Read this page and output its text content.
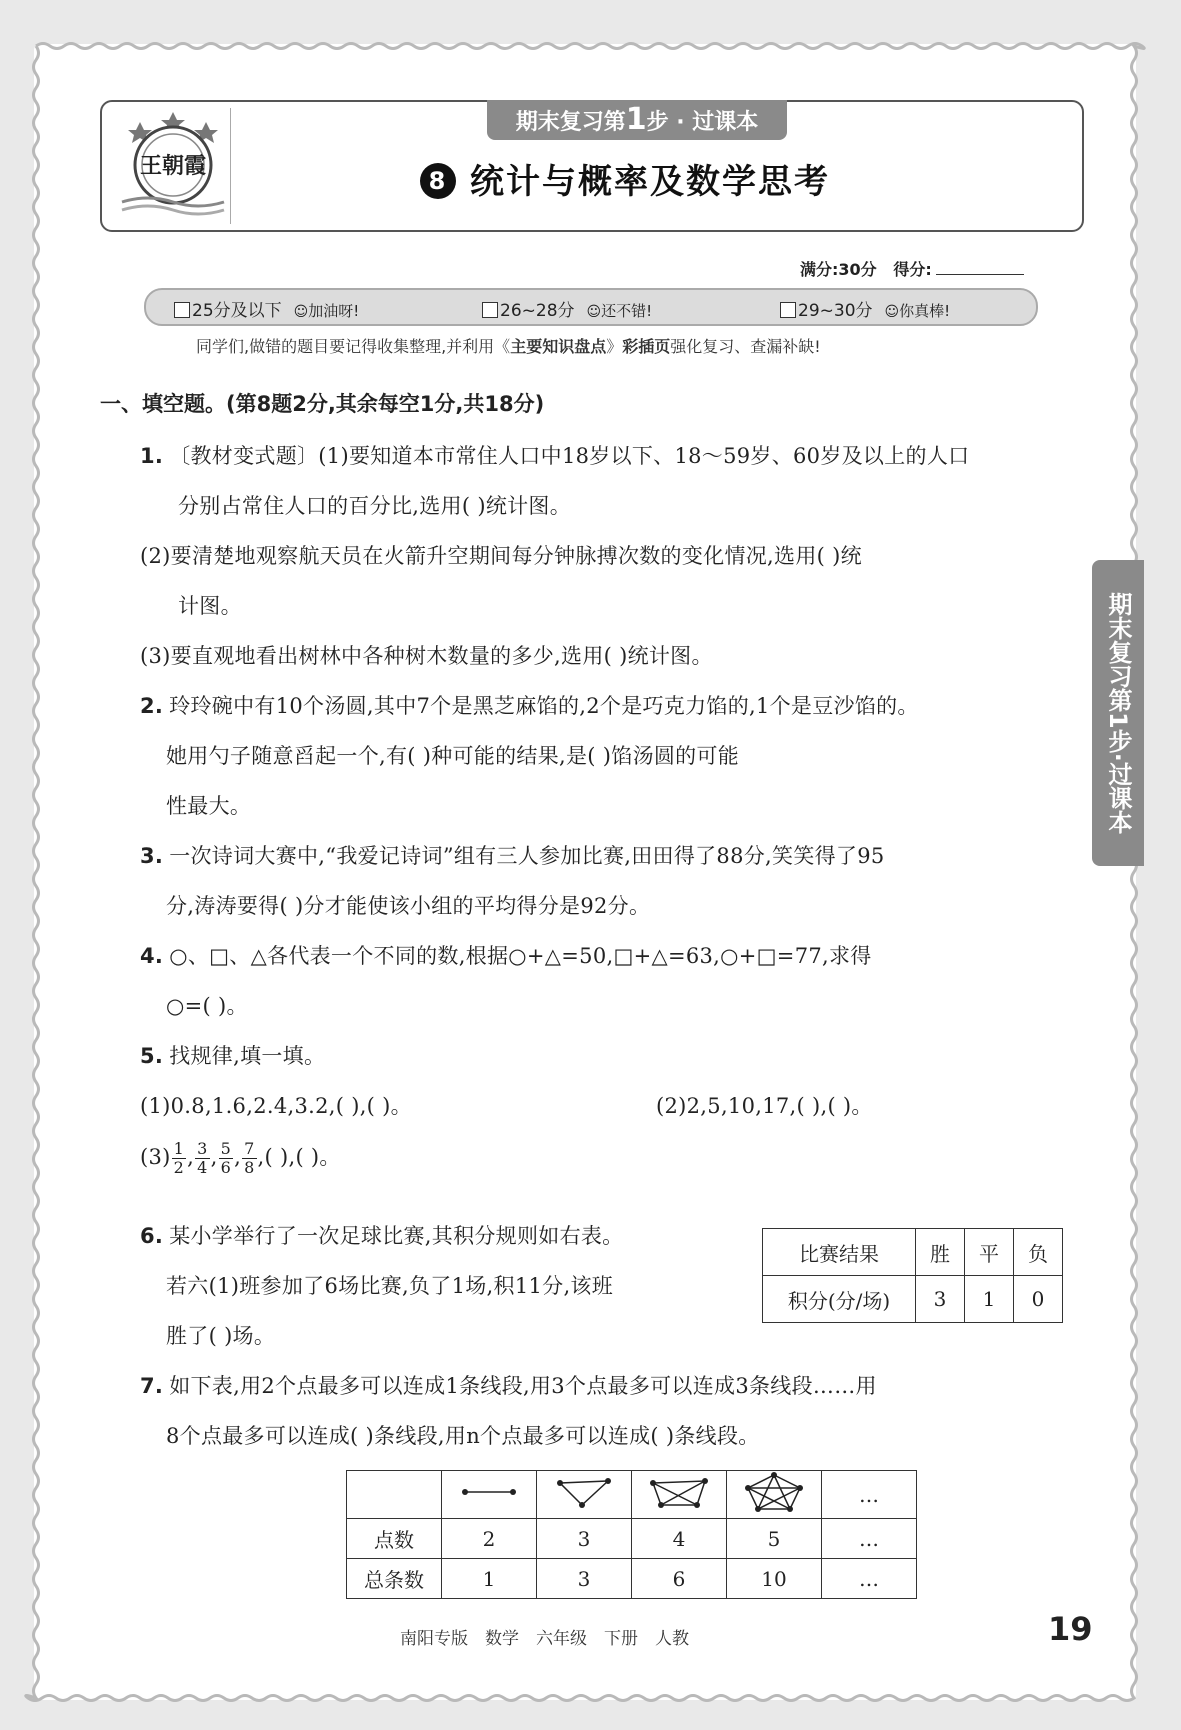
王朝霞
期末复习第1步 · 过课本
8 统计与概率及数学思考
满分:30分 得分:
25分及以下 ☺加油呀!	26~28分 ☺还不错!	29~30分 ☺你真棒!
同学们,做错的题目要记得收集整理,并利用《主要知识盘点》彩插页强化复习、查漏补缺!
一、填空题。(第8题2分,其余每空1分,共18分)
1. 〔教材变式题〕(1)要知道本市常住人口中18岁以下、18～59岁、60岁及以上的人口
分别占常住人口的百分比,选用( )统计图。
(2)要清楚地观察航天员在火箭升空期间每分钟脉搏次数的变化情况,选用( )统
计图。
(3)要直观地看出树林中各种树木数量的多少,选用( )统计图。
2. 玲玲碗中有10个汤圆,其中7个是黑芝麻馅的,2个是巧克力馅的,1个是豆沙馅的。
她用勺子随意舀起一个,有( )种可能的结果,是( )馅汤圆的可能
性最大。
3. 一次诗词大赛中,“我爱记诗词”组有三人参加比赛,田田得了88分,笑笑得了95
分,涛涛要得( )分才能使该小组的平均得分是92分。
4. ○、□、△各代表一个不同的数,根据○+△=50,□+△=63,○+□=77,求得
○=( )。
5. 找规律,填一填。
(1)0.8,1.6,2.4,3.2,( ),( )。	(2)2,5,10,17,( ),( )。
$(3) \frac{1}{2}$ , $\frac{3}{4}$ , $\frac{5}{6}$ , $\frac{7}{8}$ ,( ),( )。
6. 某小学举行了一次足球比赛,其积分规则如右表。
若六(1)班参加了6场比赛,负了1场,积11分,该班
胜了( )场。
比赛结果	胜	平	负
积分(分/场)	3	1	0
7. 如下表,用2个点最多可以连成1条线段,用3个点最多可以连成3条线段……用
8个点最多可以连成( )条线段,用n个点最多可以连成( )条线段。
					…
点数	2	3	4	5	…
总条数	1	3	6	10	…
期末复习第1步·过课本
南阳专版　数学　六年级　下册　人教	19
